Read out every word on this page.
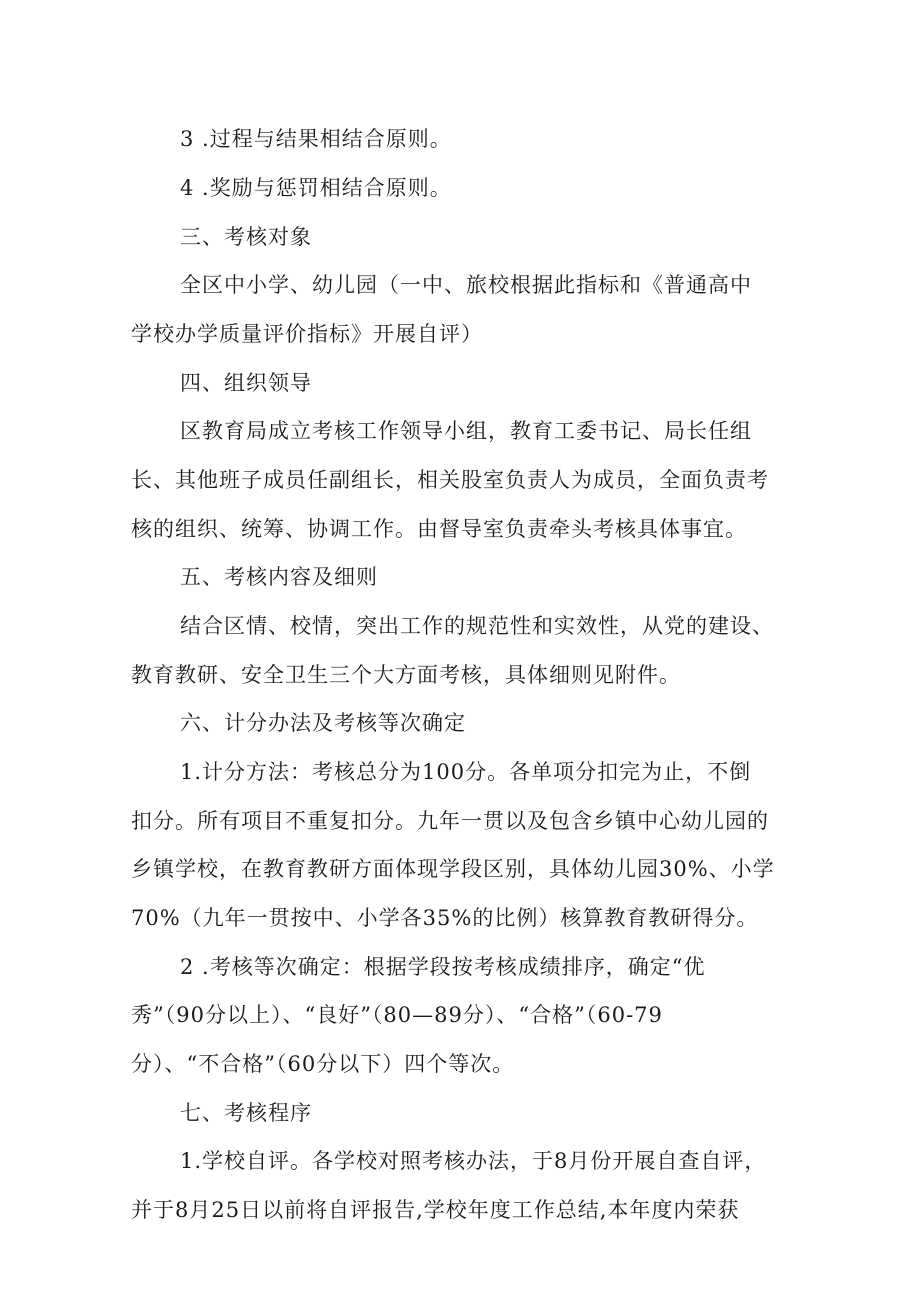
3 .过程与结果相结合原则。

4 .奖励与惩罚相结合原则。

三、考核对象

全区中小学、幼儿园（一中、旅校根据此指标和《普通高中

学校办学质量评价指标》开展自评）

四、组织领导

区教育局成立考核工作领导小组，教育工委书记、局长任组

长、其他班子成员任副组长，相关股室负责人为成员，全面负责考

核的组织、统筹、协调工作。由督导室负责牵头考核具体事宜。

五、考核内容及细则

结合区情、校情，突出工作的规范性和实效性，从党的建设、

教育教研、安全卫生三个大方面考核，具体细则见附件。

六、计分办法及考核等次确定

1.计分方法：考核总分为100分。各单项分扣完为止，不倒

扣分。所有项目不重复扣分。九年一贯以及包含乡镇中心幼儿园的

乡镇学校，在教育教研方面体现学段区别，具体幼儿园30%、小学

70%（九年一贯按中、小学各35%的比例）核算教育教研得分。

2 .考核等次确定：根据学段按考核成绩排序，确定“优

秀”（90分以上）、“良好”（80—89分）、“合格”（60-79

分）、“不合格”（60分以下）四个等次。

七、考核程序

1.学校自评。各学校对照考核办法，于8月份开展自查自评，

并于8月25日以前将自评报告,学校年度工作总结,本年度内荣获
